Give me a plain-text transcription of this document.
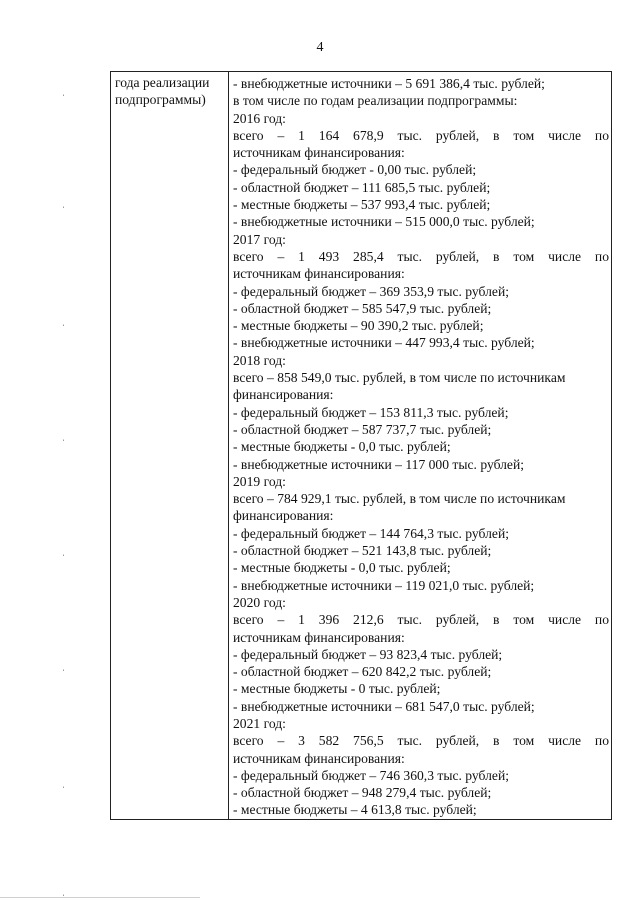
4
года реализации
подпрограммы)
- внебюджетные источники – 5 691 386,4 тыс. рублей;
в том числе по годам реализации подпрограммы:
2016 год:
всего – 1 164 678,9 тыс. рублей, в том числе по
источникам финансирования:
- федеральный бюджет - 0,00 тыс. рублей;
- областной бюджет – 111 685,5 тыс. рублей;
- местные бюджеты – 537 993,4 тыс. рублей;
- внебюджетные источники – 515 000,0 тыс. рублей;
2017 год:
всего – 1 493 285,4 тыс. рублей, в том числе по
источникам финансирования:
- федеральный бюджет – 369 353,9 тыс. рублей;
- областной бюджет – 585 547,9 тыс. рублей;
- местные бюджеты – 90 390,2 тыс. рублей;
- внебюджетные источники – 447 993,4 тыс. рублей;
2018 год:
всего – 858 549,0 тыс. рублей, в том числе по источникам
финансирования:
- федеральный бюджет – 153 811,3 тыс. рублей;
- областной бюджет – 587 737,7 тыс. рублей;
- местные бюджеты - 0,0 тыс. рублей;
- внебюджетные источники – 117 000 тыс. рублей;
2019 год:
всего – 784 929,1 тыс. рублей, в том числе по источникам
финансирования:
- федеральный бюджет – 144 764,3 тыс. рублей;
- областной бюджет – 521 143,8 тыс. рублей;
- местные бюджеты - 0,0 тыс. рублей;
- внебюджетные источники – 119 021,0 тыс. рублей;
2020 год:
всего – 1 396 212,6 тыс. рублей, в том числе по
источникам финансирования:
- федеральный бюджет – 93 823,4 тыс. рублей;
- областной бюджет – 620 842,2 тыс. рублей;
- местные бюджеты - 0 тыс. рублей;
- внебюджетные источники – 681 547,0 тыс. рублей;
2021 год:
всего – 3 582 756,5 тыс. рублей, в том числе по
источникам финансирования:
- федеральный бюджет – 746 360,3 тыс. рублей;
- областной бюджет – 948 279,4 тыс. рублей;
- местные бюджеты – 4 613,8 тыс. рублей;
ˌ
ˌ
ˌ
ˌ
ˌ
ˌ
ˌ
ˌ
